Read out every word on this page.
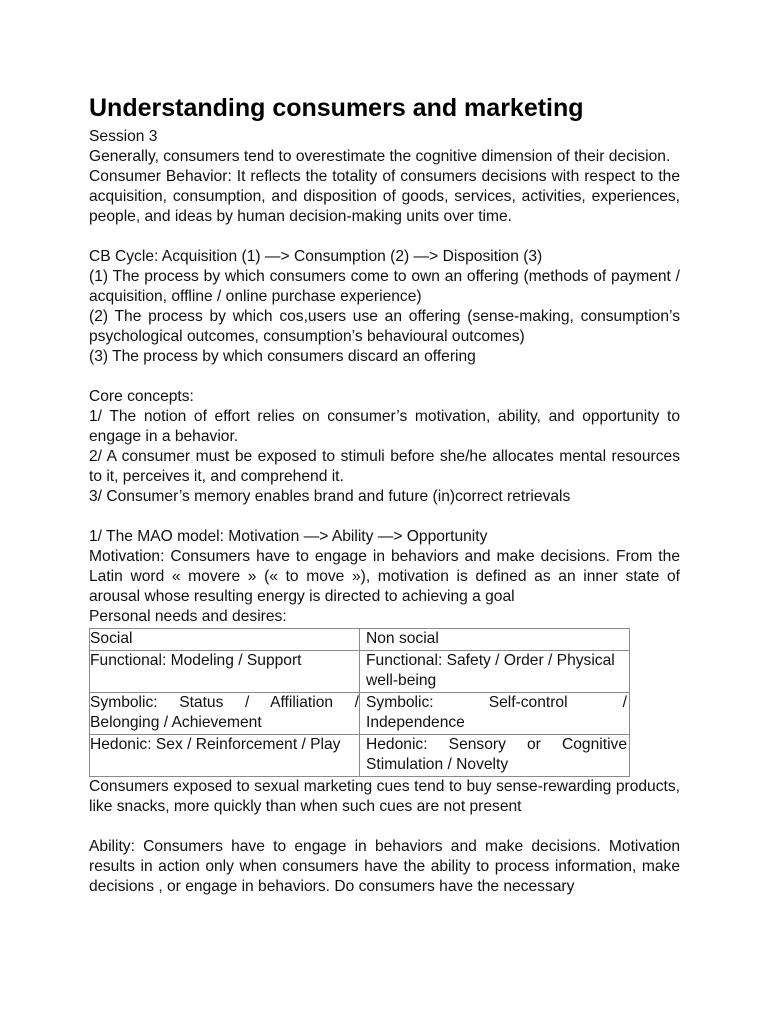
Understanding consumers and marketing

Session 3

Generally, consumers tend to overestimate the cognitive dimension of their decision.

Consumer Behavior: It reflects the totality of consumers decisions with respect to the acquisition, consumption, and disposition of goods, services, activities, experiences, people, and ideas by human decision-making units over time.

CB Cycle: Acquisition (1) —> Consumption (2) —> Disposition (3)

(1) The process by which consumers come to own an offering (methods of payment / acquisition, offline / online purchase experience)

(2) The process by which cos,users use an offering (sense-making, consumption’s psychological outcomes, consumption’s behavioural outcomes)

(3) The process by which consumers discard an offering

Core concepts:

1/ The notion of effort relies on consumer’s motivation, ability, and opportunity to engage in a behavior.

2/ A consumer must be exposed to stimuli before she/he allocates mental resources to it, perceives it, and comprehend it.

3/ Consumer’s memory enables brand and future (in)correct retrievals

1/ The MAO model: Motivation —> Ability —> Opportunity

Motivation: Consumers have to engage in behaviors and make decisions. From the Latin word « movere » (« to move »), motivation is defined as an inner state of arousal whose resulting energy is directed to achieving a goal

Personal needs and desires:

Social	Non social

Functional: Modeling / Support	Functional: Safety / Order / Physical well-being

Symbolic: Status / Affiliation / Belonging / Achievement	Symbolic: Self-control / Independence

Hedonic: Sex / Reinforcement / Play	Hedonic: Sensory or Cognitive Stimulation / Novelty

Consumers exposed to sexual marketing cues tend to buy sense-rewarding products, like snacks, more quickly than when such cues are not present

Ability: Consumers have to engage in behaviors and make decisions. Motivation results in action only when consumers have the ability to process information, make decisions , or engage in behaviors. Do consumers have the necessary
